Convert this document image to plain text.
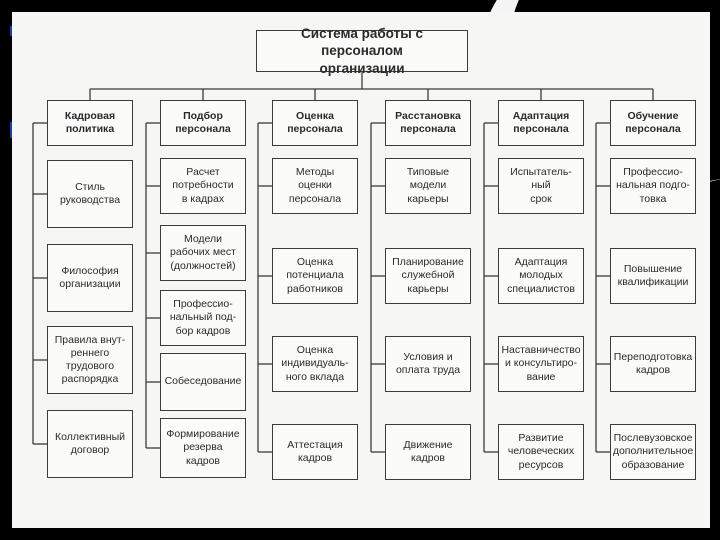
Система работы с персоналом
организации
Кадровая
политика
Стиль
руководства
Философия
организации
Правила внут-
реннего
трудового
распорядка
Коллективный
договор
Подбор
персонала
Расчет
потребности
в кадрах
Модели
рабочих мест
(должностей)
Профессио-
нальный под-
бор кадров
Собеседование
Формирование
резерва
кадров
Оценка
персонала
Методы
оценки
персонала
Оценка
потенциала
работников
Оценка
индивидуаль-
ного вклада
Аттестация
кадров
Расстановка
персонала
Типовые
модели
карьеры
Планирование
служебной
карьеры
Условия и
оплата труда
Движение
кадров
Адаптация
персонала
Испытатель-
ный
срок
Адаптация
молодых
специалистов
Наставничество
и консультиро-
вание
Развитие
человеческих
ресурсов
Обучение
персонала
Профессио-
нальная подго-
товка
Повышение
квалификации
Переподготовка
кадров
Послевузовское
дополнительное
образование
